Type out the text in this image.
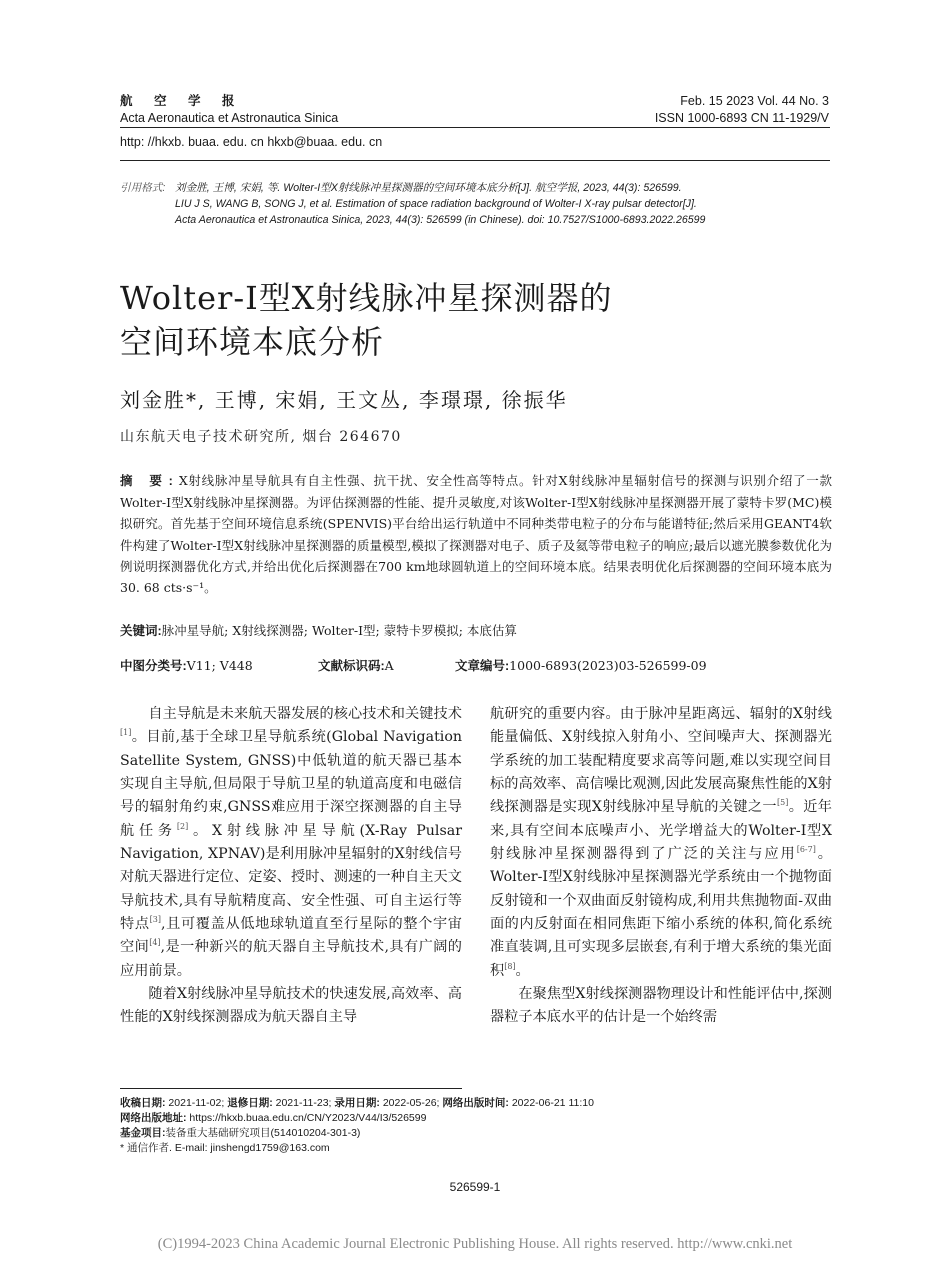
航 空 学 报
Acta Aeronautica et Astronautica Sinica
Feb. 15 2023 Vol. 44 No. 3
ISSN 1000-6893 CN 11-1929/V
http: //hkxb. buaa. edu. cn hkxb@buaa. edu. cn
引用格式: 刘金胜, 王博, 宋娟, 等. Wolter-I型X射线脉冲星探测器的空间环境本底分析[J]. 航空学报, 2023, 44(3): 526599.
LIU J S, WANG B, SONG J, et al. Estimation of space radiation background of Wolter-I X-ray pulsar detector[J].
Acta Aeronautica et Astronautica Sinica, 2023, 44(3): 526599 (in Chinese). doi: 10.7527/S1000-6893.2022.26599
Wolter-I型X射线脉冲星探测器的
空间环境本底分析
刘金胜*, 王博, 宋娟, 王文丛, 李璟璟, 徐振华
山东航天电子技术研究所, 烟台 264670
摘 要:X射线脉冲星导航具有自主性强、抗干扰、安全性高等特点。针对X射线脉冲星辐射信号的探测与识别介绍了一款Wolter-I型X射线脉冲星探测器。为评估探测器的性能、提升灵敏度,对该Wolter-I型X射线脉冲星探测器开展了蒙特卡罗(MC)模拟研究。首先基于空间环境信息系统(SPENVIS)平台给出运行轨道中不同种类带电粒子的分布与能谱特征;然后采用GEANT4软件构建了Wolter-I型X射线脉冲星探测器的质量模型,模拟了探测器对电子、质子及氦等带电粒子的响应;最后以遮光膜参数优化为例说明探测器优化方式,并给出优化后探测器在700 km地球圆轨道上的空间环境本底。结果表明优化后探测器的空间环境本底为30. 68 cts·s⁻¹。
关键词:脉冲星导航; X射线探测器; Wolter-I型; 蒙特卡罗模拟; 本底估算
中图分类号:V11; V448	文献标识码:A	文章编号:1000-6893(2023)03-526599-09

自主导航是未来航天器发展的核心技术和关键技术[1]。目前,基于全球卫星导航系统(Global Navigation Satellite System, GNSS)中低轨道的航天器已基本实现自主导航,但局限于导航卫星的轨道高度和电磁信号的辐射角约束,GNSS难应用于深空探测器的自主导航任务[2]。X射线脉冲星导航(X-Ray Pulsar Navigation, XPNAV)是利用脉冲星辐射的X射线信号对航天器进行定位、定姿、授时、测速的一种自主天文导航技术,具有导航精度高、安全性强、可自主运行等特点[3],且可覆盖从低地球轨道直至行星际的整个宇宙空间[4],是一种新兴的航天器自主导航技术,具有广阔的应用前景。

随着X射线脉冲星导航技术的快速发展,高效率、高性能的X射线探测器成为航天器自主导

航研究的重要内容。由于脉冲星距离远、辐射的X射线能量偏低、X射线掠入射角小、空间噪声大、探测器光学系统的加工装配精度要求高等问题,难以实现空间目标的高效率、高信噪比观测,因此发展高聚焦性能的X射线探测器是实现X射线脉冲星导航的关键之一[5]。近年来,具有空间本底噪声小、光学增益大的Wolter-I型X射线脉冲星探测器得到了广泛的关注与应用[6-7]。Wolter-I型X射线脉冲星探测器光学系统由一个抛物面反射镜和一个双曲面反射镜构成,利用共焦抛物面-双曲面的内反射面在相同焦距下缩小系统的体积,简化系统准直装调,且可实现多层嵌套,有利于增大系统的集光面积[8]。

在聚焦型X射线探测器物理设计和性能评估中,探测器粒子本底水平的估计是一个始终需

收稿日期: 2021-11-02; 退修日期: 2021-11-23; 录用日期: 2022-05-26; 网络出版时间: 2022-06-21 11:10
网络出版地址: https://hkxb.buaa.edu.cn/CN/Y2023/V44/I3/526599
基金项目:装备重大基础研究项目(514010204-301-3)
* 通信作者. E-mail: jinshengd1759@163.com
526599-1
(C)1994-2023 China Academic Journal Electronic Publishing House. All rights reserved. http://www.cnki.net
